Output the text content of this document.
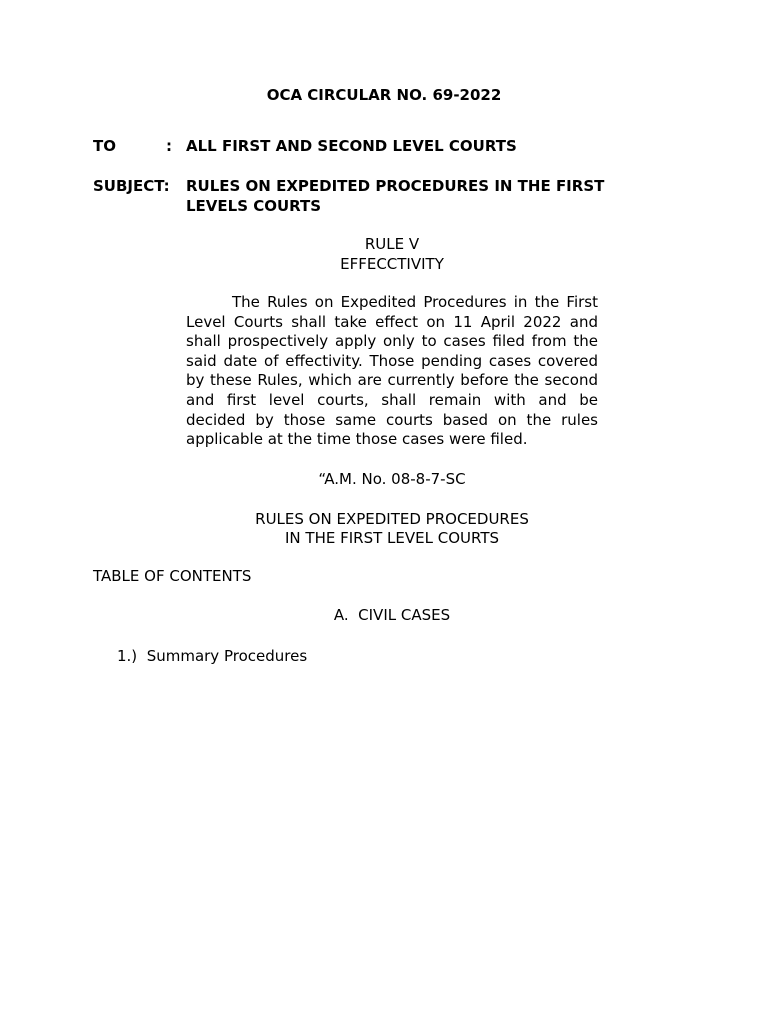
OCA CIRCULAR NO. 69-2022
TO	: ALL FIRST AND SECOND LEVEL COURTS
SUBJECT: RULES ON EXPEDITED PROCEDURES IN THE FIRST LEVELS COURTS
RULE V
EFFECCTIVITY
The Rules on Expedited Procedures in the First Level Courts shall take effect on 11 April 2022 and shall prospectively apply only to cases filed from the said date of effectivity. Those pending cases covered by these Rules, which are currently before the second and first level courts, shall remain with and be decided by those same courts based on the rules applicable at the time those cases were filed.
“A.M. No. 08-8-7-SC
RULES ON EXPEDITED PROCEDURES
IN THE FIRST LEVEL COURTS
TABLE OF CONTENTS
A.  CIVIL CASES
1.)  Summary Procedures
